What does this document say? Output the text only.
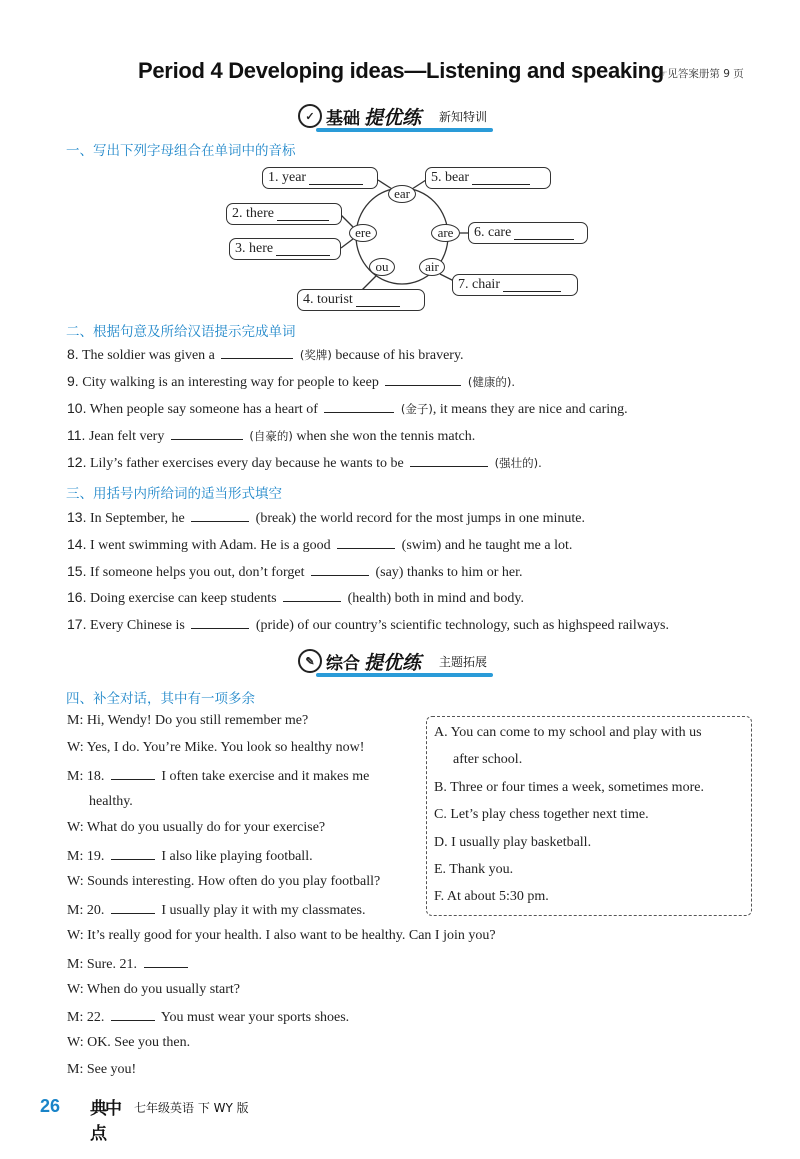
Period 4 Developing ideas—Listening and speaking
☞见答案册第 9 页
✓ 基础 提优练 新知特训
一、写出下列字母组合在单词中的音标
1. year
2. there
3. here
4. tourist
5. bear
6. care
7. chair
ear
ere	are
ou	air
二、根据句意及所给汉语提示完成单词
8. The soldier was given a	(奖牌) because of his bravery.
9. City walking is an interesting way for people to keep	(健康的).
10. When people say someone has a heart of	(金子), it means they are nice and caring.
11. Jean felt very	(自豪的) when she won the tennis match.
12. Lily’s father exercises every day because he wants to be	(强壮的).
三、用括号内所给词的适当形式填空
13. In September, he	(break) the world record for the most jumps in one minute.
14. I went swimming with Adam. He is a good	(swim) and he taught me a lot.
15. If someone helps you out, don’t forget	(say) thanks to him or her.
16. Doing exercise can keep students	(health) both in mind and body.
17. Every Chinese is	(pride) of our country’s scientific technology, such as highspeed railways.
✎ 综合 提优练 主题拓展
四、补全对话，其中有一项多余
M: Hi, Wendy! Do you still remember me?
W: Yes, I do. You’re Mike. You look so healthy now!
M: 18.	I often take exercise and it makes me
healthy.
W: What do you usually do for your exercise?
M: 19.	I also like playing football.
W: Sounds interesting. How often do you play football?
M: 20.	I usually play it with my classmates.
W: It’s really good for your health. I also want to be healthy. Can I join you?
M: Sure. 21.
W: When do you usually start?
M: 22.	You must wear your sports shoes.
W: OK. See you then.
M: See you!
A. You can come to my school and play with us
after school.
B. Three or four times a week, sometimes more.
C. Let’s play chess together next time.
D. I usually play basketball.
E. Thank you.
F. At about 5:30 pm.
26 典中点
七年级英语 下 WY 版
